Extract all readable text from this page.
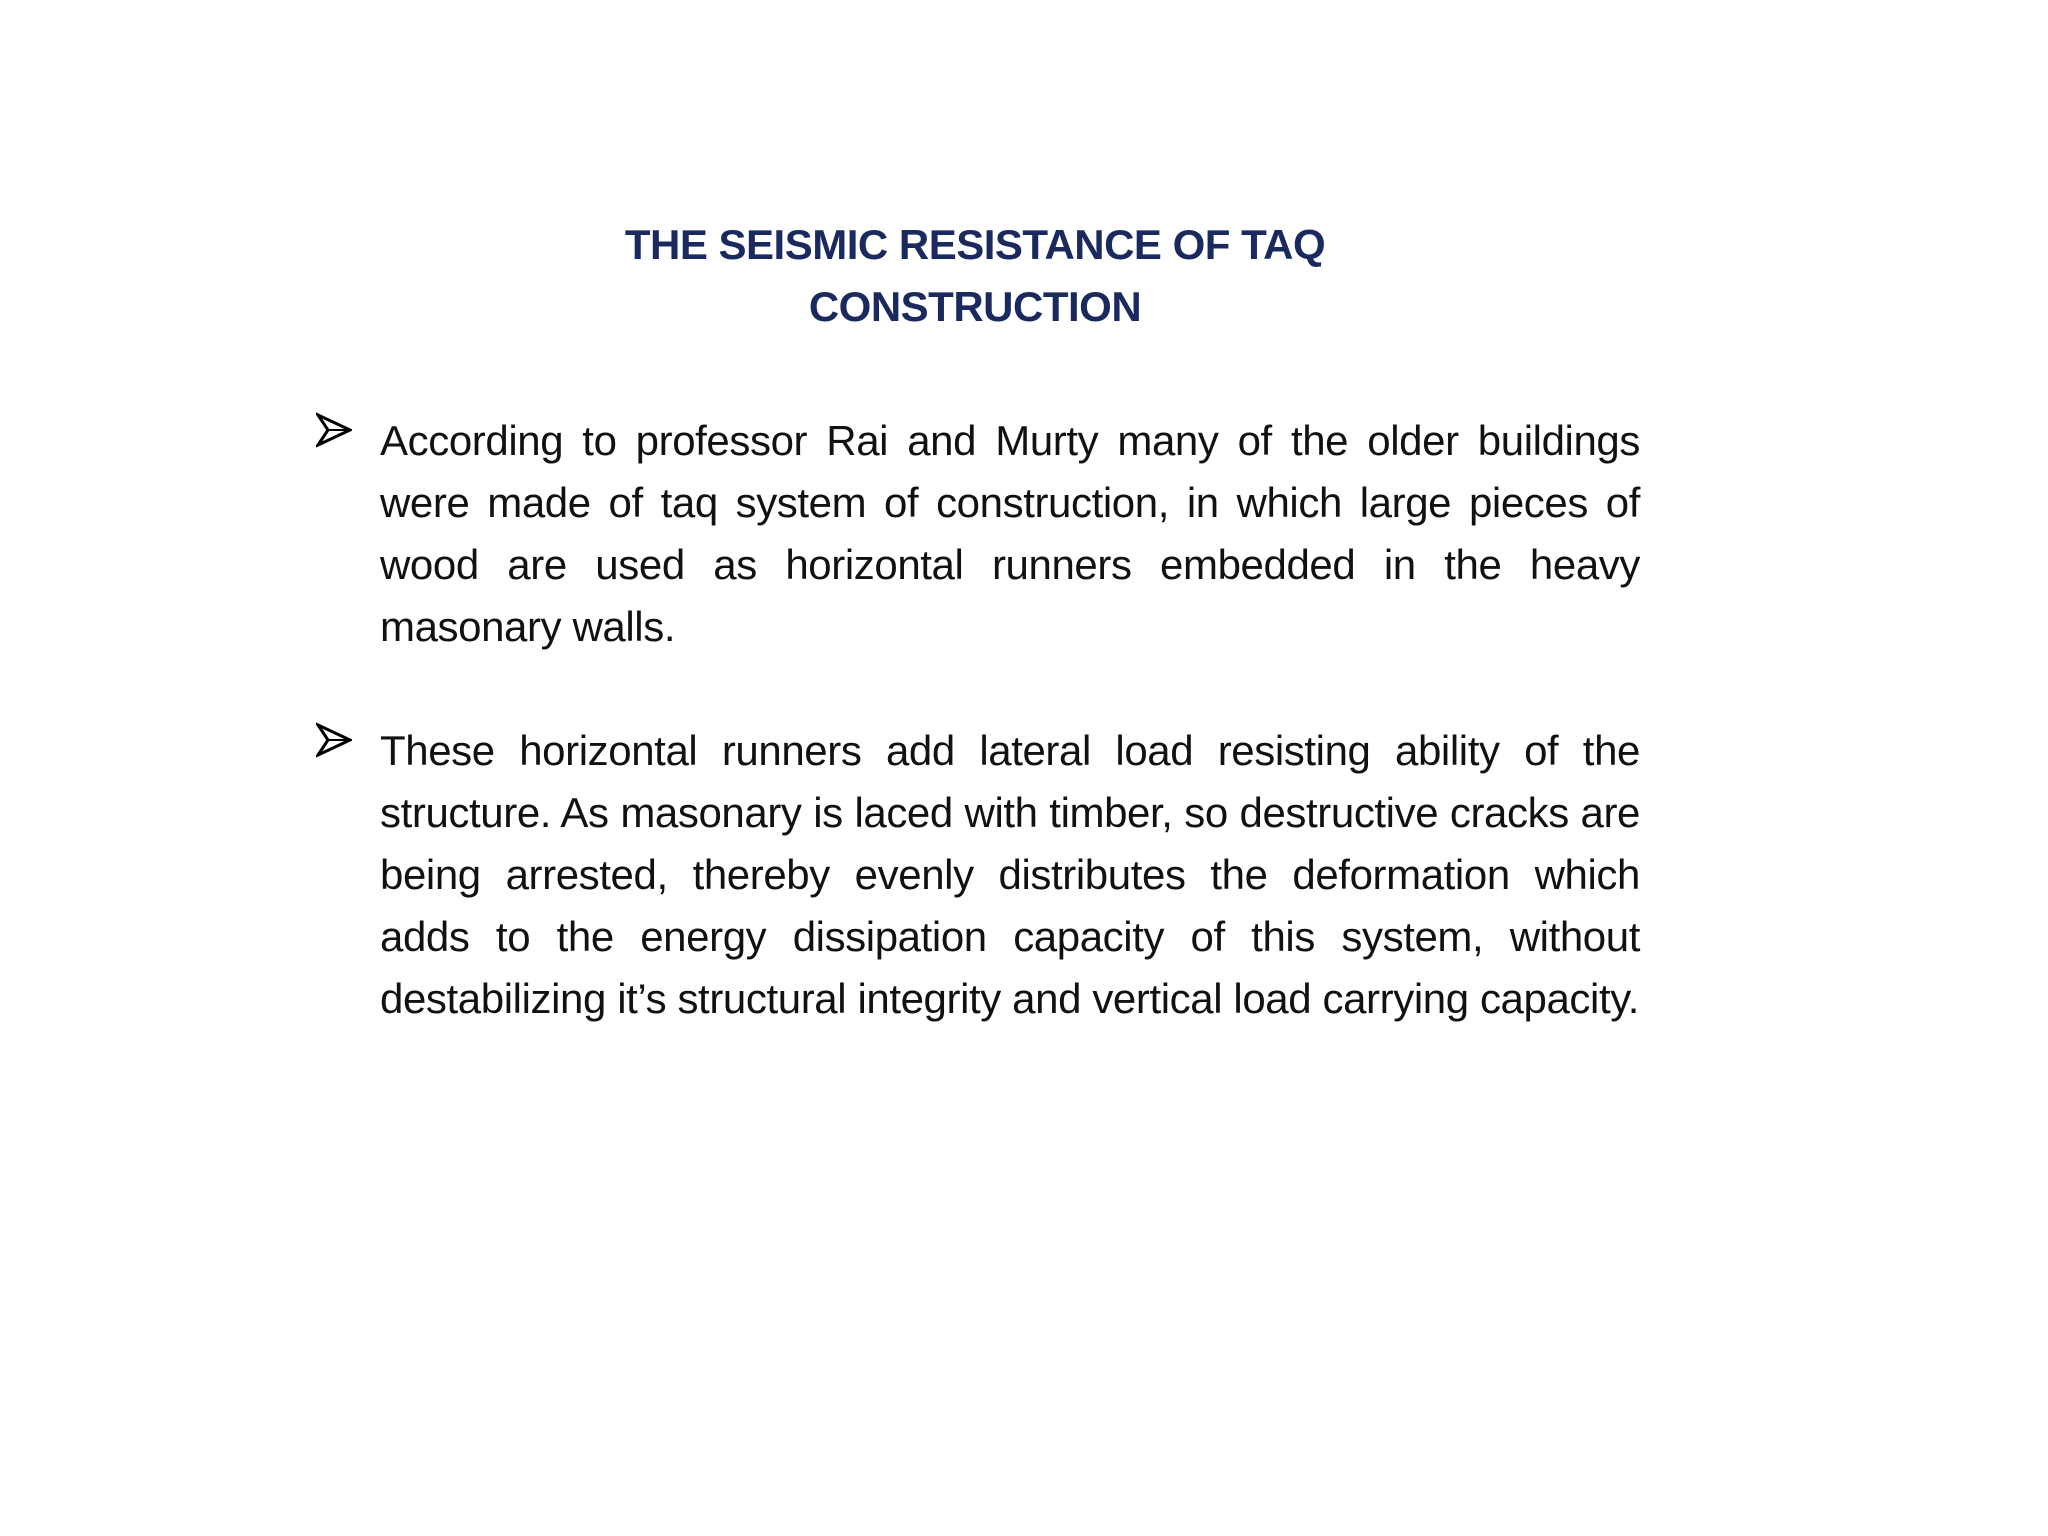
THE SEISMIC RESISTANCE OF TAQ
CONSTRUCTION
According to professor Rai and Murty many of the older buildings were made of taq system of construction, in which large pieces of wood are used as horizontal runners embedded in the heavy masonary walls.
These horizontal runners add lateral load resisting ability of the structure. As masonary is laced with timber, so destructive cracks are being arrested, thereby evenly distributes the deformation which adds to the energy dissipation capacity of this system, without destabilizing it’s structural integrity and vertical load carrying capacity.
